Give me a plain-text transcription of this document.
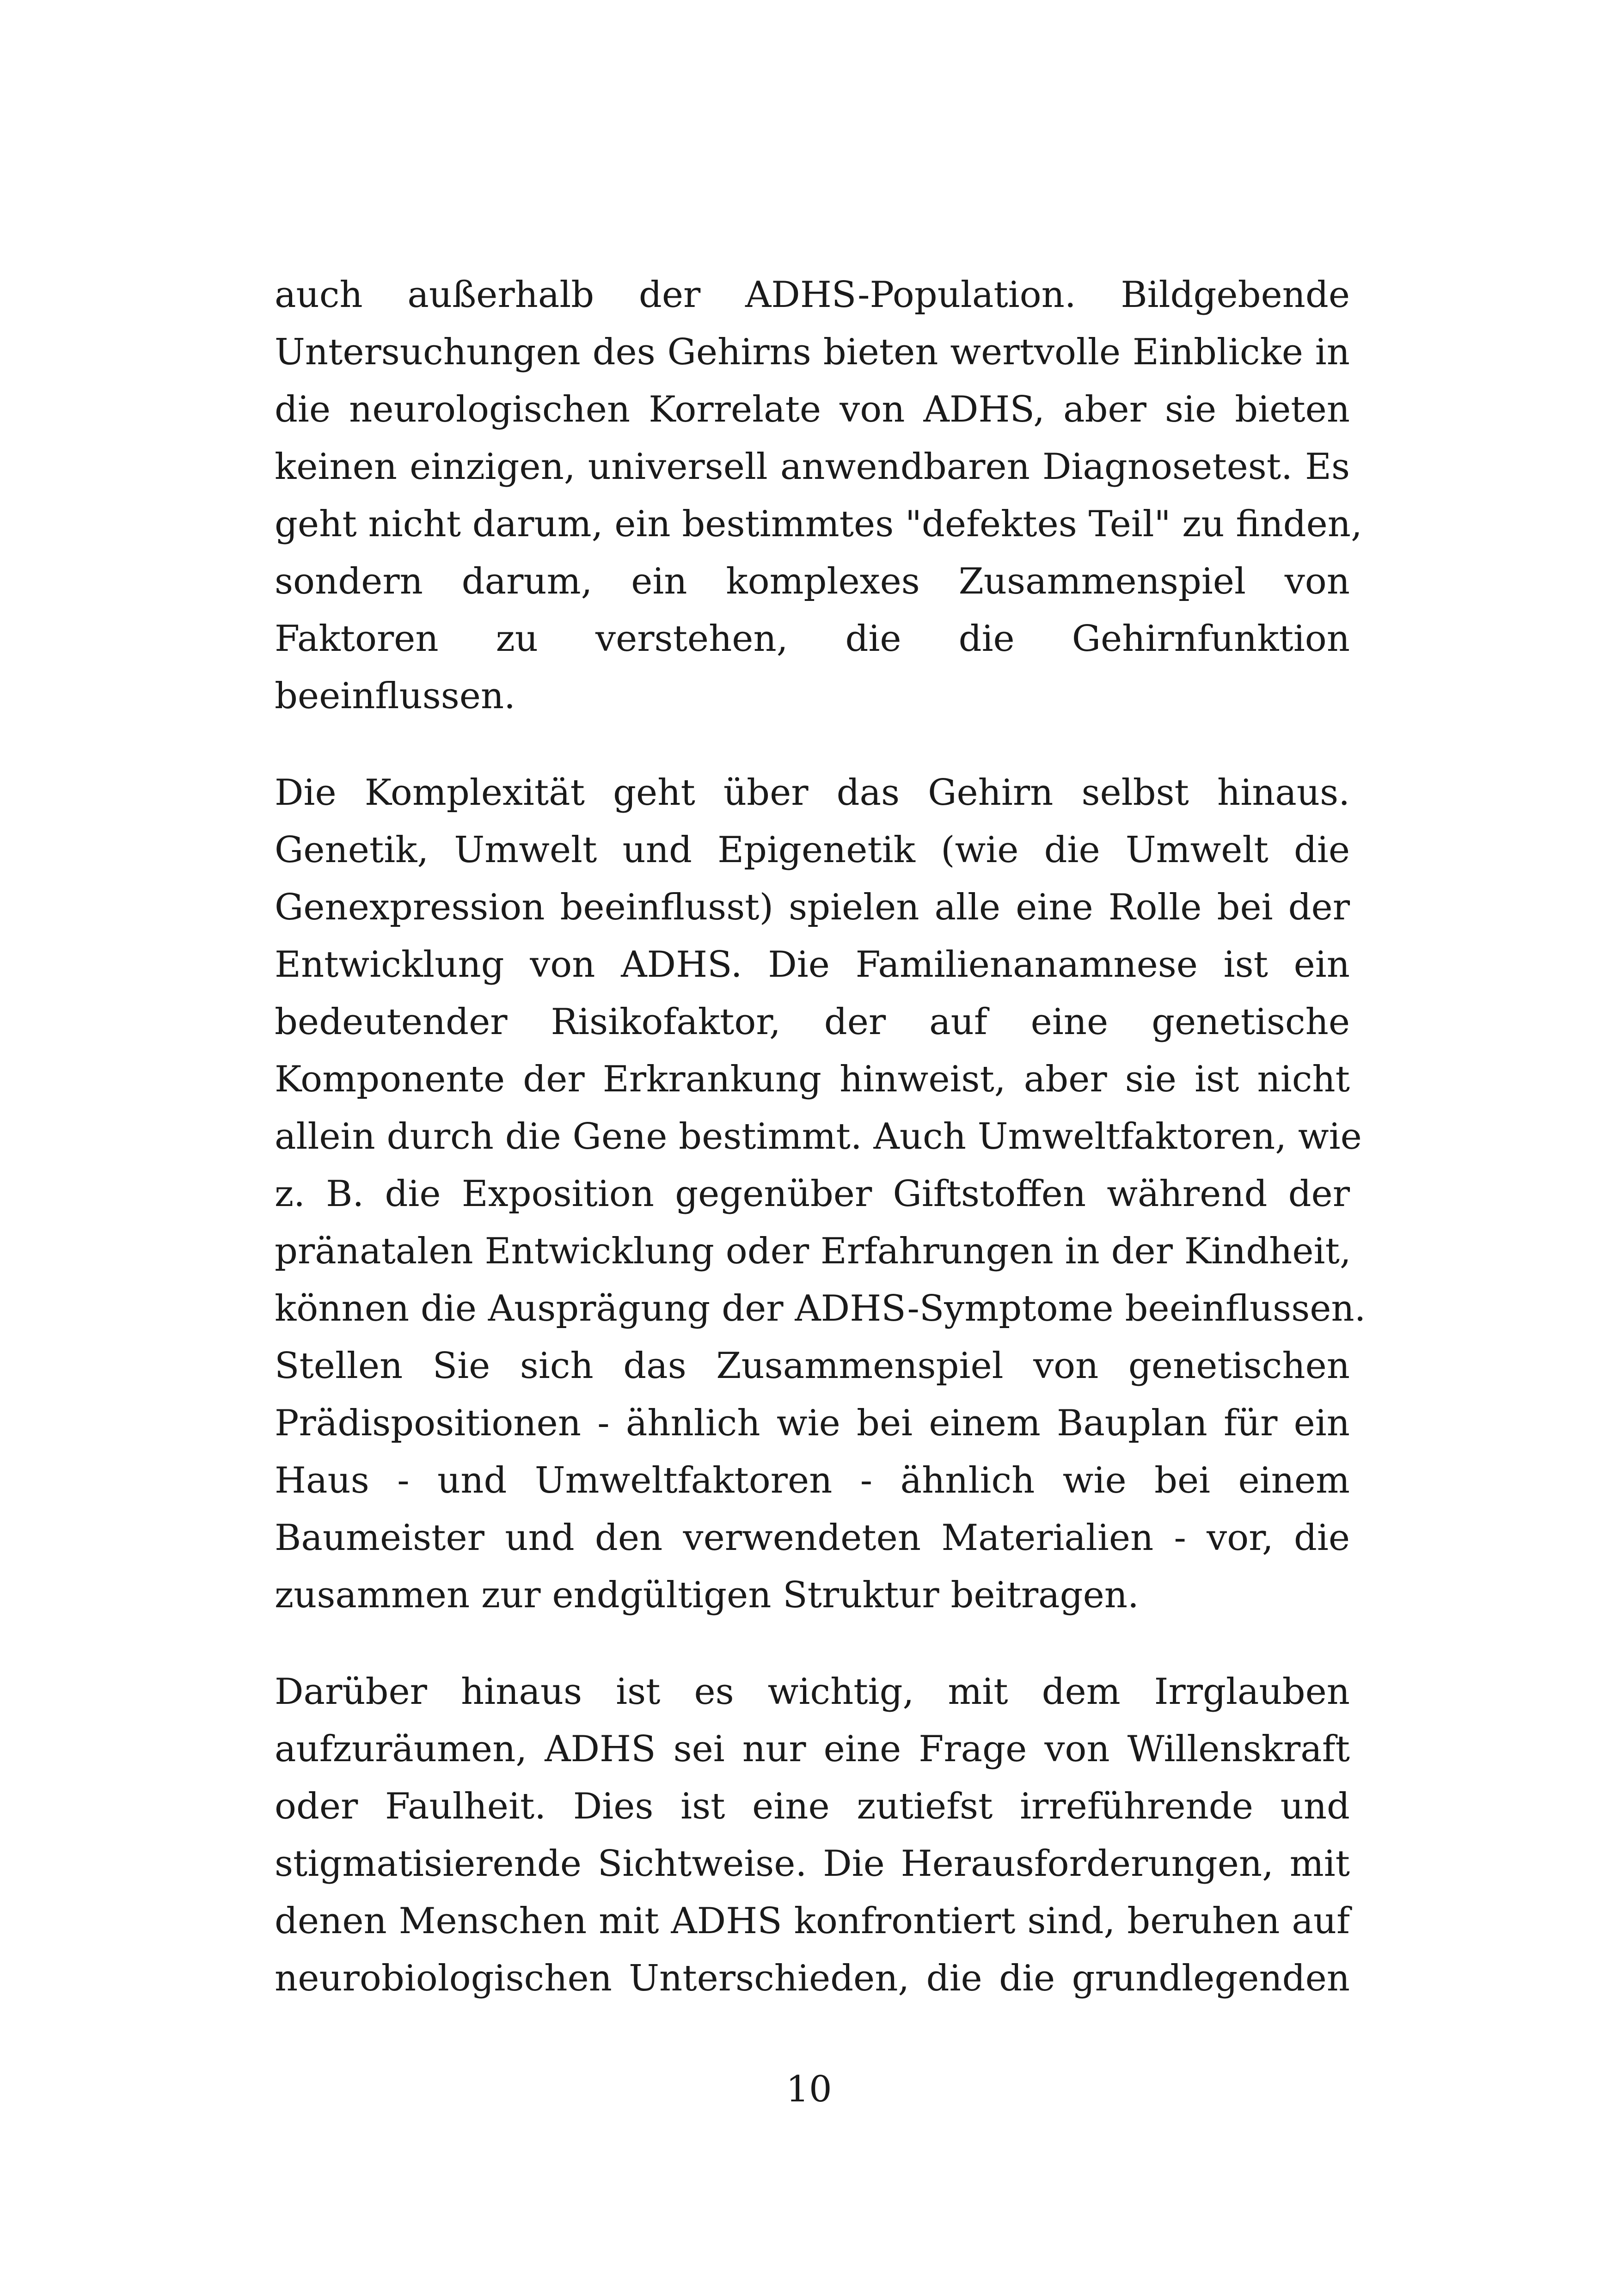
auch außerhalb der ADHS-Population. Bildgebende
Untersuchungen des Gehirns bieten wertvolle Einblicke in
die neurologischen Korrelate von ADHS, aber sie bieten
keinen einzigen, universell anwendbaren Diagnosetest. Es
geht nicht darum, ein bestimmtes "defektes Teil" zu finden,
sondern darum, ein komplexes Zusammenspiel von
Faktoren zu verstehen, die die Gehirnfunktion
beeinflussen.

Die Komplexität geht über das Gehirn selbst hinaus.
Genetik, Umwelt und Epigenetik (wie die Umwelt die
Genexpression beeinflusst) spielen alle eine Rolle bei der
Entwicklung von ADHS. Die Familienanamnese ist ein
bedeutender Risikofaktor, der auf eine genetische
Komponente der Erkrankung hinweist, aber sie ist nicht
allein durch die Gene bestimmt. Auch Umweltfaktoren, wie
z. B. die Exposition gegenüber Giftstoffen während der
pränatalen Entwicklung oder Erfahrungen in der Kindheit,
können die Ausprägung der ADHS-Symptome beeinflussen.
Stellen Sie sich das Zusammenspiel von genetischen
Prädispositionen - ähnlich wie bei einem Bauplan für ein
Haus - und Umweltfaktoren - ähnlich wie bei einem
Baumeister und den verwendeten Materialien - vor, die
zusammen zur endgültigen Struktur beitragen.

Darüber hinaus ist es wichtig, mit dem Irrglauben
aufzuräumen, ADHS sei nur eine Frage von Willenskraft
oder Faulheit. Dies ist eine zutiefst irreführende und
stigmatisierende Sichtweise. Die Herausforderungen, mit
denen Menschen mit ADHS konfrontiert sind, beruhen auf
neurobiologischen Unterschieden, die die grundlegenden

10
